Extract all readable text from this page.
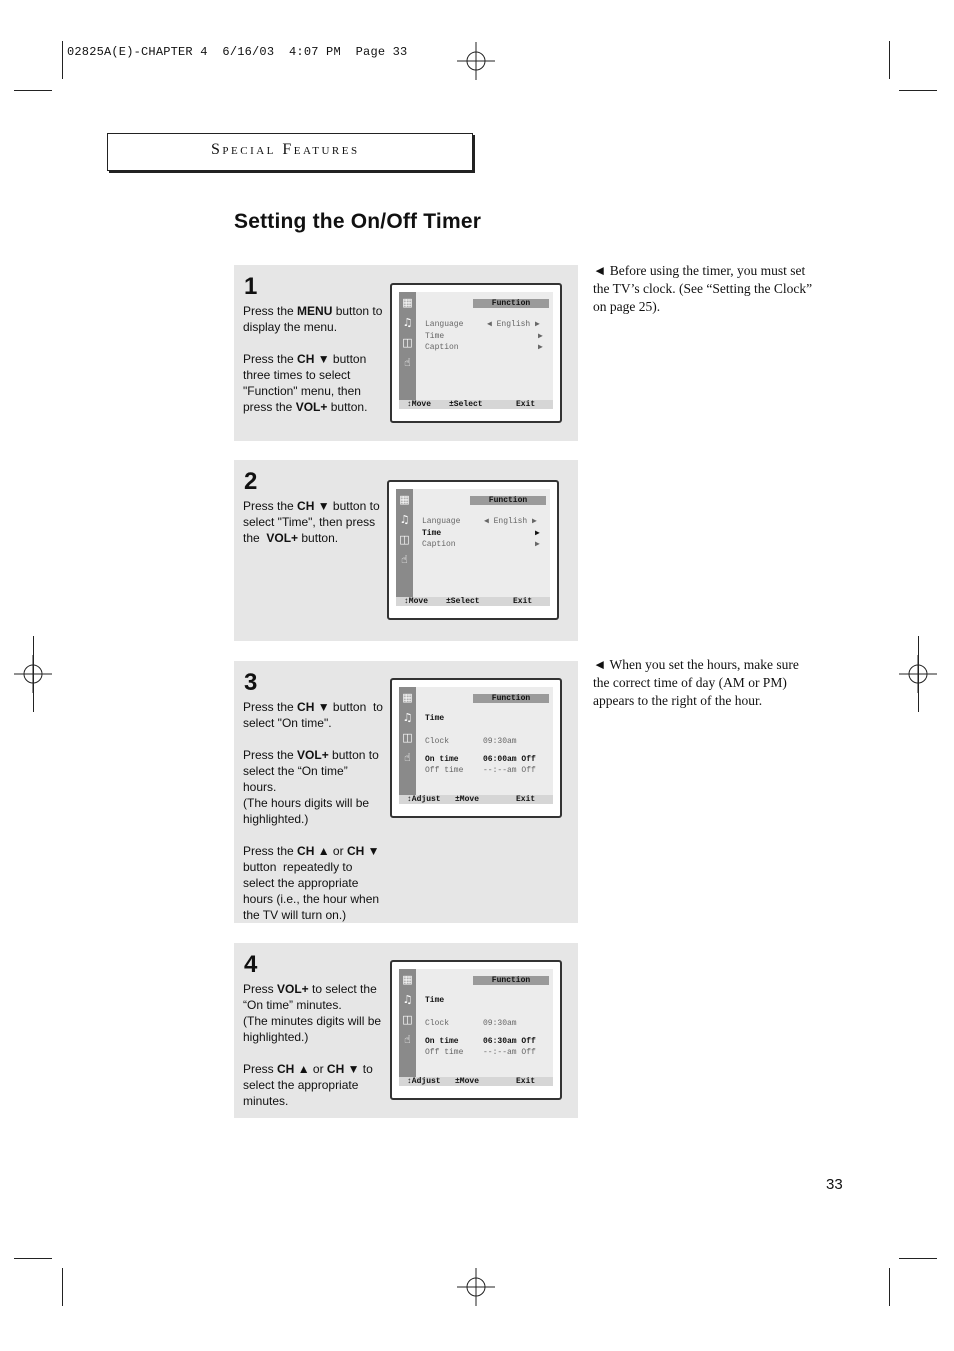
02825A(E)-CHAPTER 4  6/16/03  4:07 PM  Page 33
Special Features
Setting the On/Off Timer
1
Press the MENU button to display the menu.

Press the CH ▼ button three times to select "Function" menu, then press the VOL+ button.
▦
♫
◫
☝
Function
Language	◀ English ▶
Time	▶
Caption	▶
↕Move ±Select	Exit
2
Press the CH ▼ button to select "Time", then press the  VOL+ button.
▦
♫
◫
☝
Function
Language	◀ English ▶
Time	▶
Caption	▶
↕Move ±Select	Exit
3
Press the CH ▼ button  to select "On time".

Press the VOL+ button to select the “On time” hours.
(The hours digits will be highlighted.)

Press the CH ▲ or CH ▼ button  repeatedly to select the appropriate hours (i.e., the hour when the TV will turn on.)
▦
♫
◫
☝
Function
Time
Clock	09:30am
On time	06:00am Off
Off time --:--am Off
↕Adjust ±Move	Exit
4
Press VOL+ to select the “On time” minutes.
(The minutes digits will be highlighted.)

Press CH ▲ or CH ▼ to select the appropriate minutes.
▦
♫
◫
☝
Function
Time
Clock	09:30am
On time	06:30am Off
Off time --:--am Off
↕Adjust ±Move	Exit
◄ Before using the timer, you must set the TV’s clock. (See “Setting the Clock” on page 25).
◄ When you set the hours, make sure the correct time of day (AM or PM) appears to the right of the hour.
33
